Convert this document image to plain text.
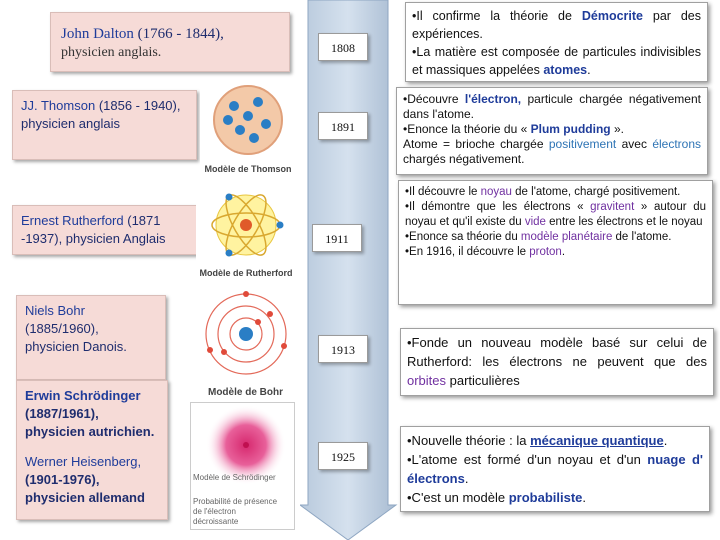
John Dalton (1766 - 1844),
physicien anglais.
JJ. Thomson (1856 - 1940), physicien anglais
Ernest Rutherford (1871 -1937), physicien Anglais
Niels Bohr
(1885/1960),
physicien Danois.
Erwin Schrödinger
(1887/1961),
physicien autrichien.
Werner Heisenberg,
(1901-1976),
physicien allemand
Modèle de Thomson
Modèle de Rutherford
Modèle de Bohr
Modèle de Schrödinger
Probabilité de présence de l'électron décroissante
1808
1891
1911
1913
1925
•Il confirme la théorie de Démocrite par des expériences.
•La matière est composée de particules indivisibles et massiques appelées atomes.
•Découvre l'électron, particule chargée négativement dans l'atome.
•Enonce la théorie du « Plum pudding ».
Atome = brioche chargée positivement avec électrons chargés négativement.
•Il découvre le noyau de l'atome, chargé positivement.
•Il démontre que les électrons « gravitent » autour du noyau et qu'il existe du vide entre les électrons et le noyau
•Enonce sa théorie du modèle planétaire de l'atome.
•En 1916, il découvre le proton.
•Fonde un nouveau modèle basé sur celui de Rutherford: les électrons ne peuvent que des orbites particulières
•Nouvelle théorie : la mécanique quantique.
•L'atome est formé d'un noyau et d'un nuage d' électrons.
•C'est un modèle probabiliste.
